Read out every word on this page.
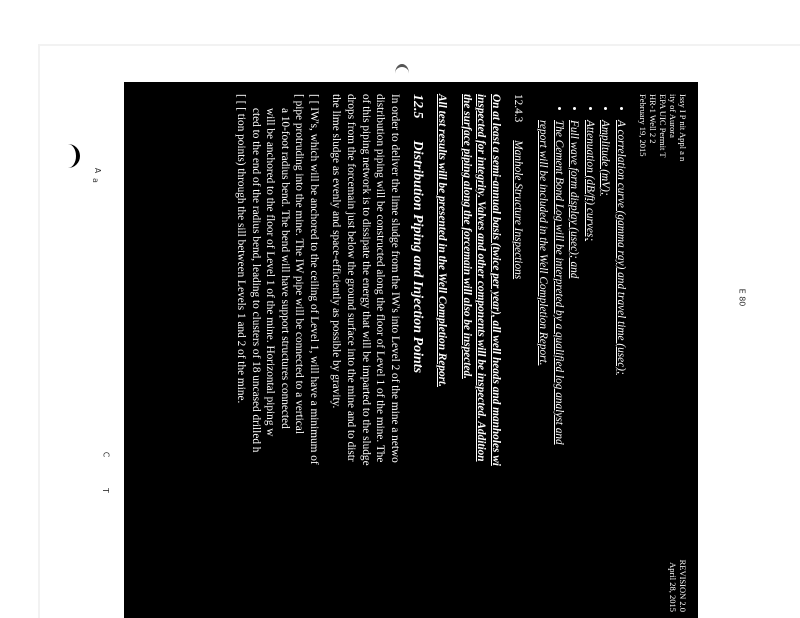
E 80
C
T
A
a
Issy I P nit Appl a n
ity of Aurora
EPA UIC Permit T
HR-1 Well 2 2
February 19, 2015
REVISION 2.0
April 28, 2015
• A correlation curve (gamma ray) and travel time (usec);
• Amplitude (mV);
• Attenuation (dB/ft) curves;
• Full wave form display (usec); and
• The Cement Bond Log will be interpreted by a qualified log analyst and
report will be included in the Well Completion Report.
12.4.3
Manhole Structure Inspections
On at least a semi-annual basis (twice per year), all well heads and manholes wi
inspected for integrity. Valves and other components will be inspected. Addition
the surface piping along the forcemain will also be inspected.
All test results will be presented in the Well Completion Report.
12.5
Distribution Piping and Injection Points
In order to deliver the lime sludge from the IW's into Level 2 of the mine a netwo
distribution piping will be constructed along the floor of Level 1 of the mine. The
of this piping network is to dissipate the energy that will be imparted to the sludge
drops from the forcemain just below the ground surface into the mine and to distr
the lime sludge as evenly and space-efficiently as possible by gravity.
[ [ IW's, which will be anchored to the ceiling of Level 1, will have a minimum of
[ pipe protruding into the mine. The IW pipe will be connected to a vertical
a 10-foot radius bend. The bend will have support structures connected
will be anchored to the floor of Level 1 of the mine. Horizontal piping w
cted to the end of the radius bend, leading to clusters of 18 uncased drilled h
[ [ [ tion points) through the sill between Levels 1 and 2 of the mine.
